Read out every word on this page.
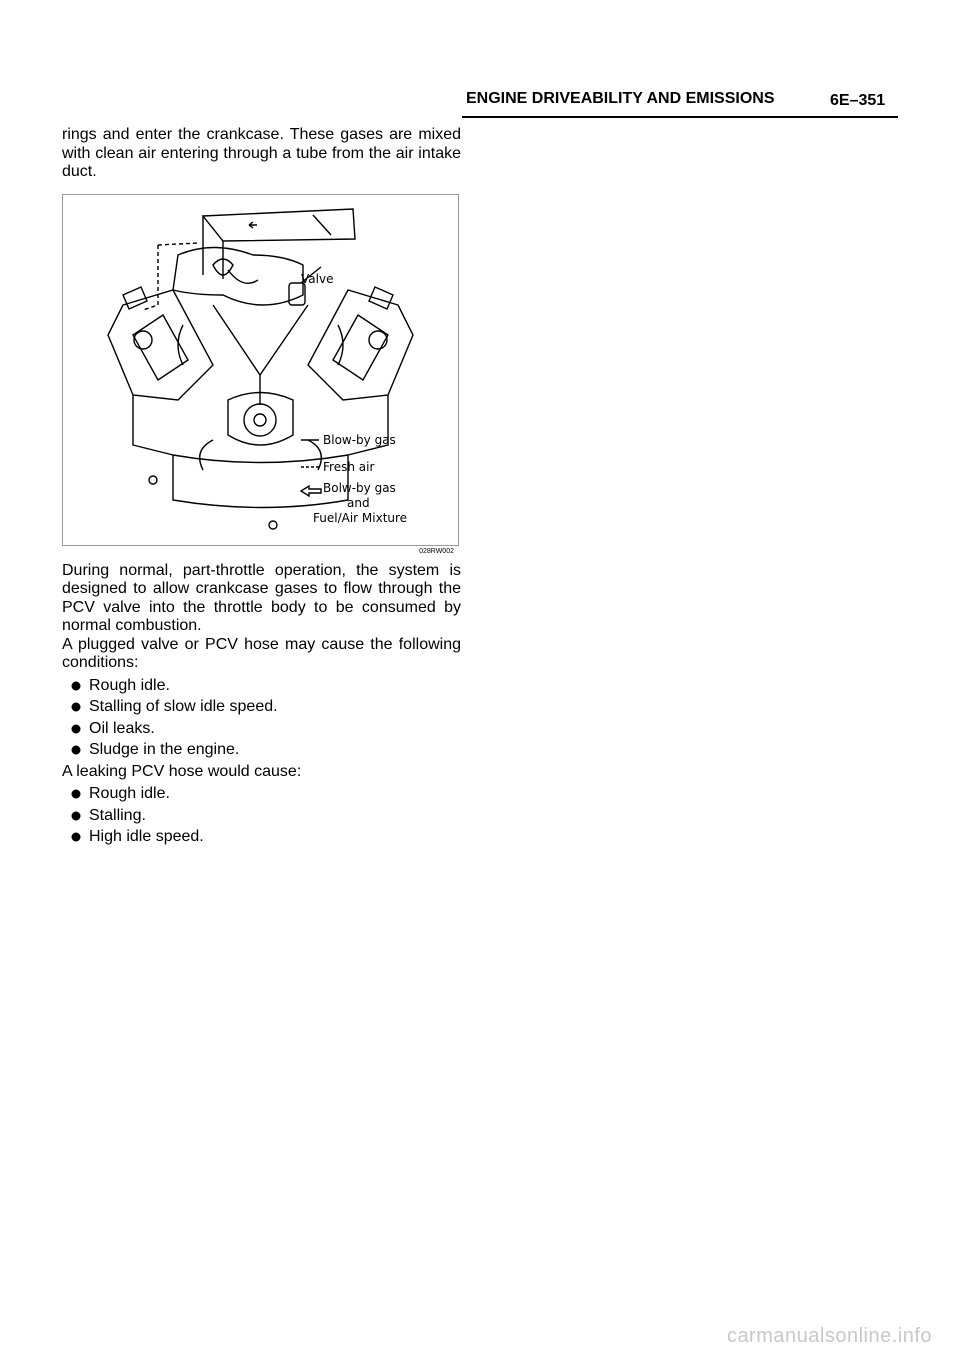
ENGINE DRIVEABILITY AND EMISSIONS	6E–351

rings and enter the crankcase. These gases are mixed with clean air entering through a tube from the air intake duct.

Valve
Blow-by gas
Fresh air
Bolw-by gas
and
Fuel/Air Mixture
028RW002

During normal, part-throttle operation, the system is designed to allow crankcase gases to flow through the PCV valve into the throttle body to be consumed by normal combustion.

A plugged valve or PCV hose may cause the following conditions:

Rough idle.
Stalling of slow idle speed.
Oil leaks.
Sludge in the engine.

A leaking PCV hose would cause:

Rough idle.
Stalling.
High idle speed.
carmanualsonline.info
